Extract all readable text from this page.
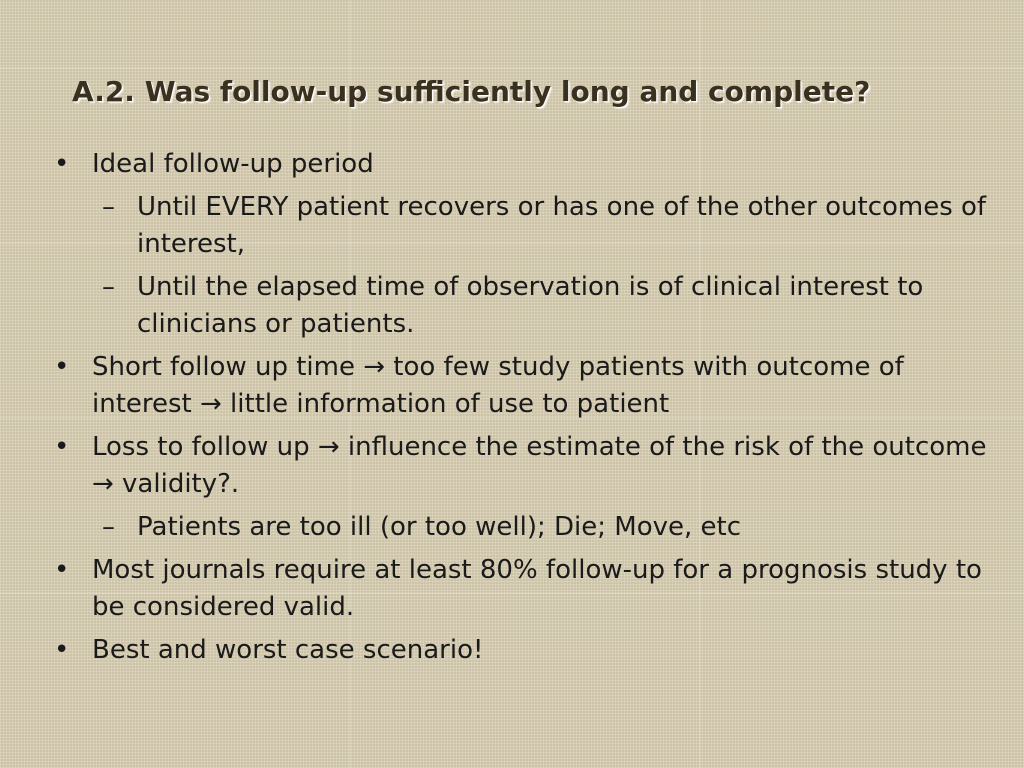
A.2. Was follow-up sufficiently long and complete?
• Ideal follow-up period
– Until EVERY patient recovers or has one of the other outcomes of interest,
– Until the elapsed time of observation is of clinical interest to clinicians or patients.
• Short follow up time → too few study patients with outcome of interest → little information of use to patient
• Loss to follow up → influence the estimate of the risk of the outcome → validity?.
– Patients are too ill (or too well); Die; Move, etc
• Most journals require at least 80% follow-up for a prognosis study to be considered valid.
• Best and worst case scenario!
